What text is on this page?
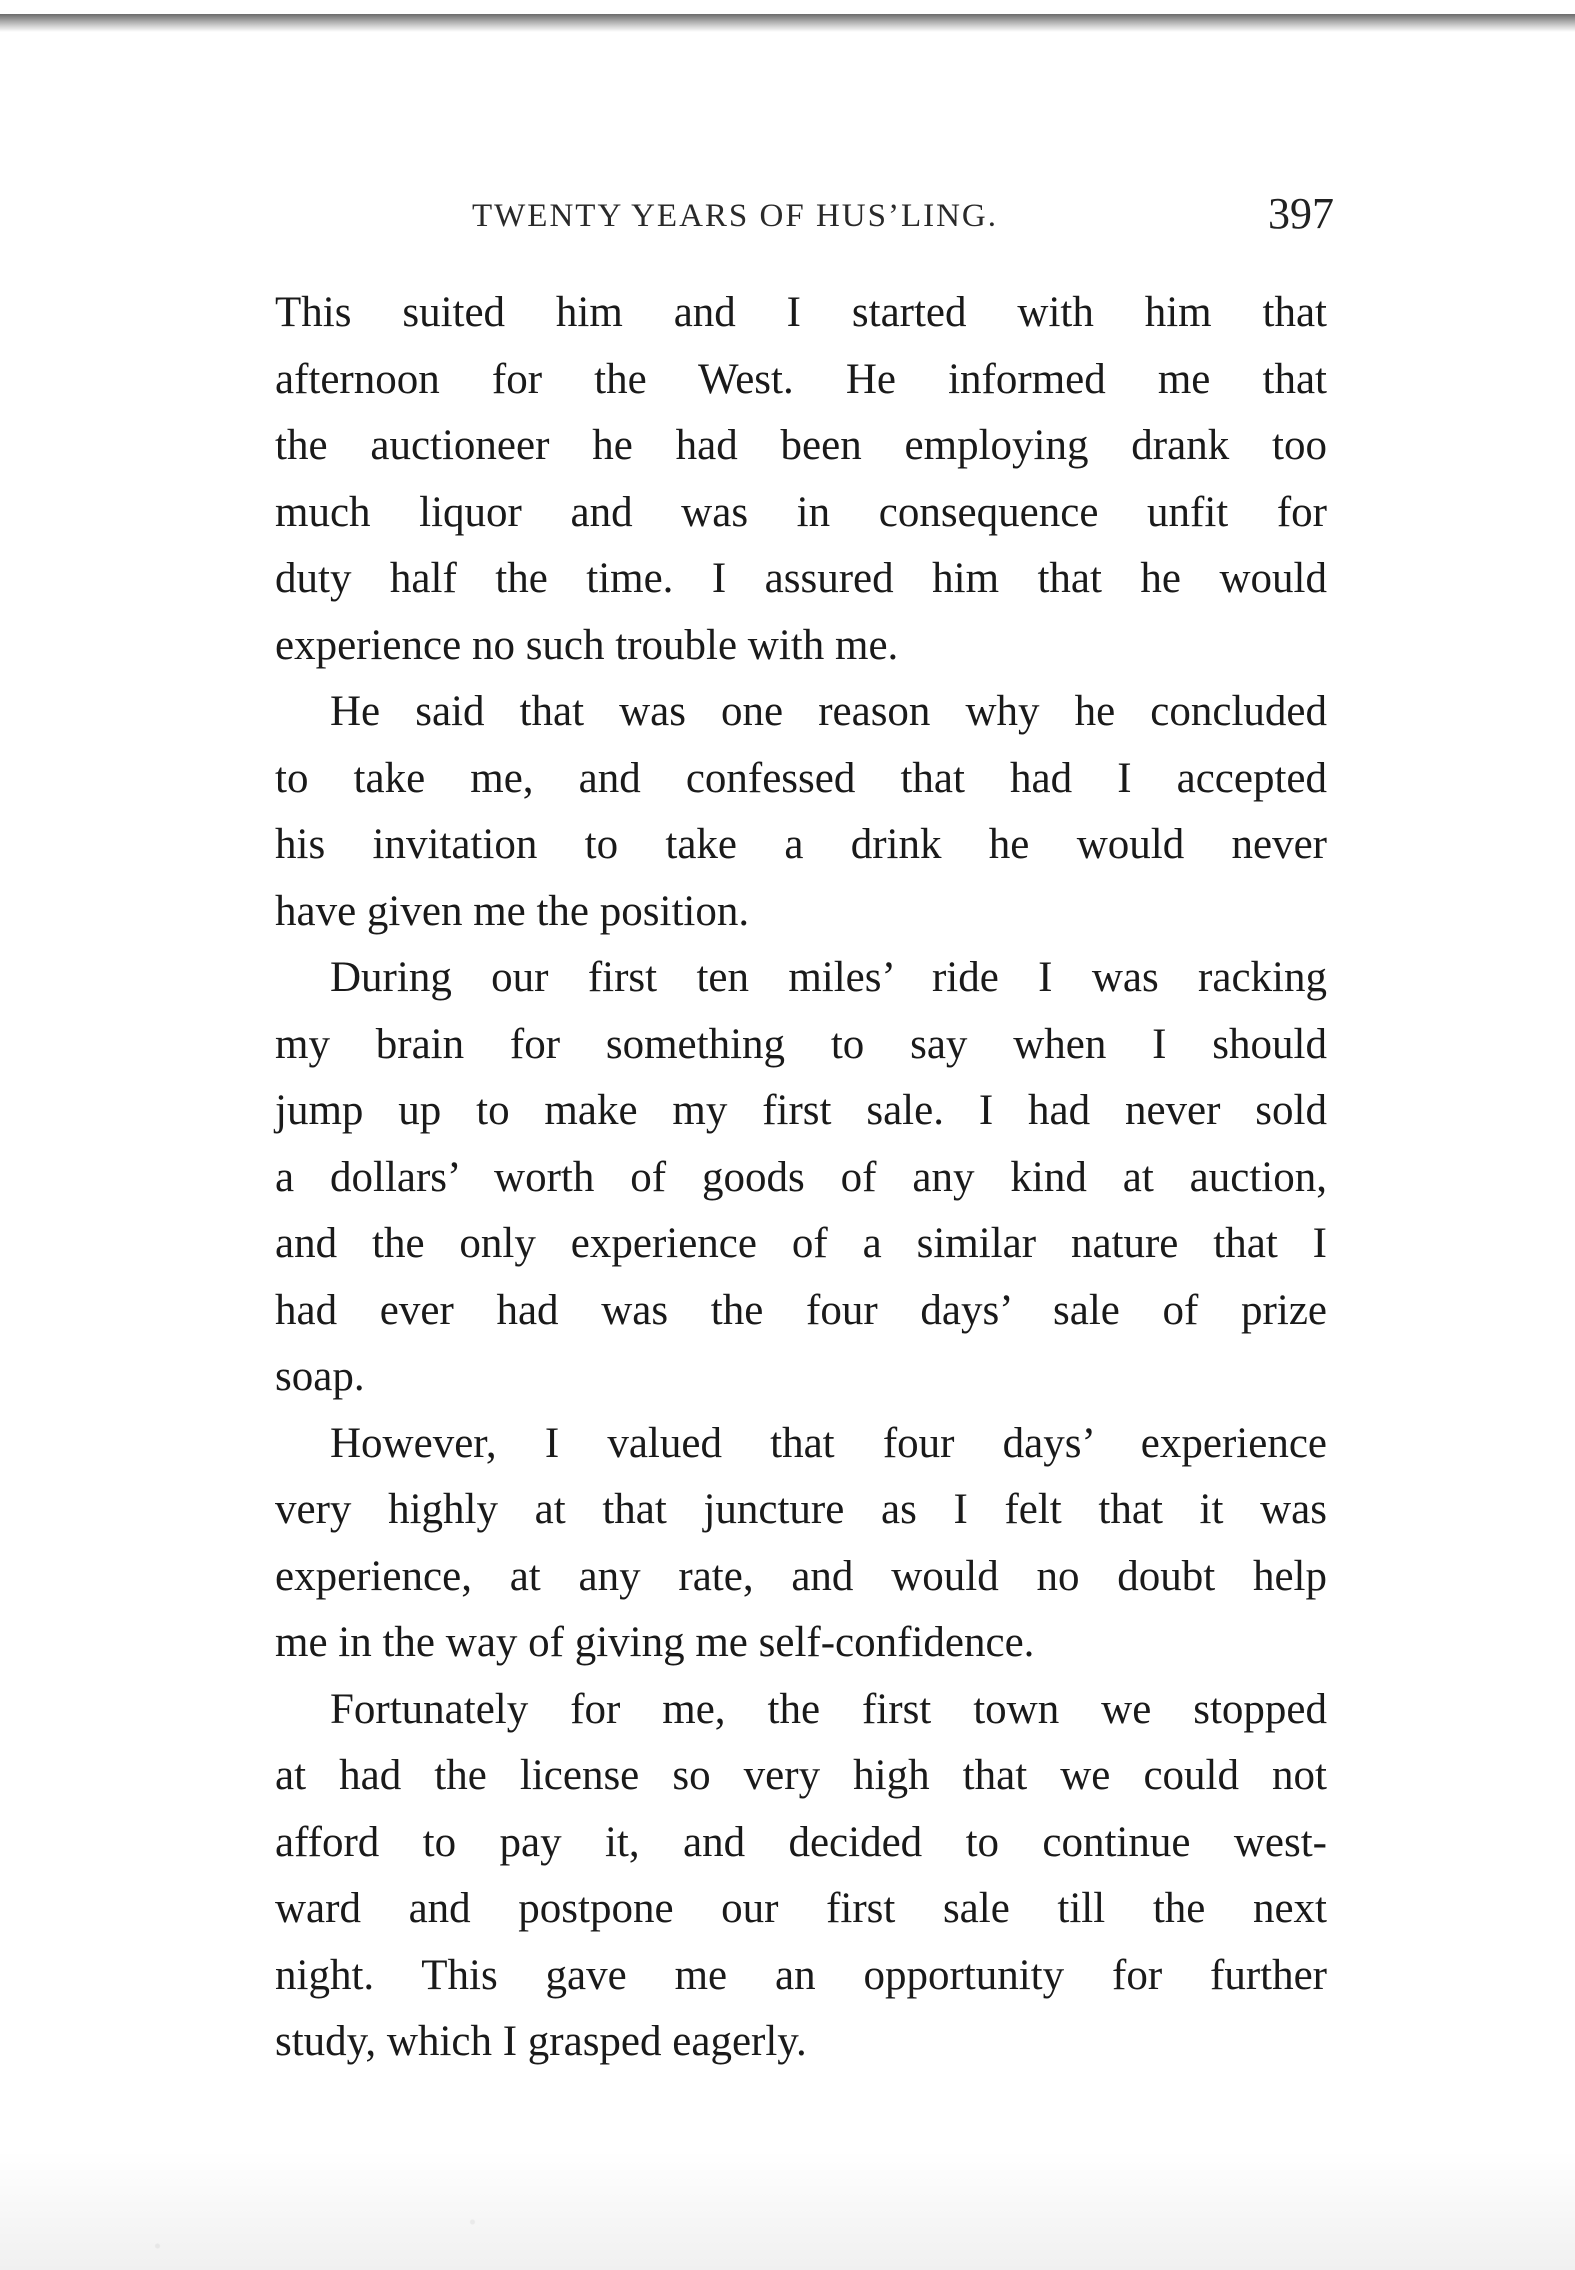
TWENTY YEARS OF HUS’LING.	397
This suited him and I started with him that
afternoon for the West. He informed me that
the auctioneer he had been employing drank too
much liquor and was in consequence unfit for
duty half the time. I assured him that he would
experience no such trouble with me.
He said that was one reason why he concluded
to take me, and confessed that had I accepted
his invitation to take a drink he would never
have given me the position.
During our first ten miles’ ride I was racking
my brain for something to say when I should
jump up to make my first sale. I had never sold
a dollars’ worth of goods of any kind at auction,
and the only experience of a similar nature that I
had ever had was the four days’ sale of prize
soap.
However, I valued that four days’ experience
very highly at that juncture as I felt that it was
experience, at any rate, and would no doubt help
me in the way of giving me self-confidence.
Fortunately for me, the first town we stopped
at had the license so very high that we could not
afford to pay it, and decided to continue west-
ward and postpone our first sale till the next
night. This gave me an opportunity for further
study, which I grasped eagerly.
